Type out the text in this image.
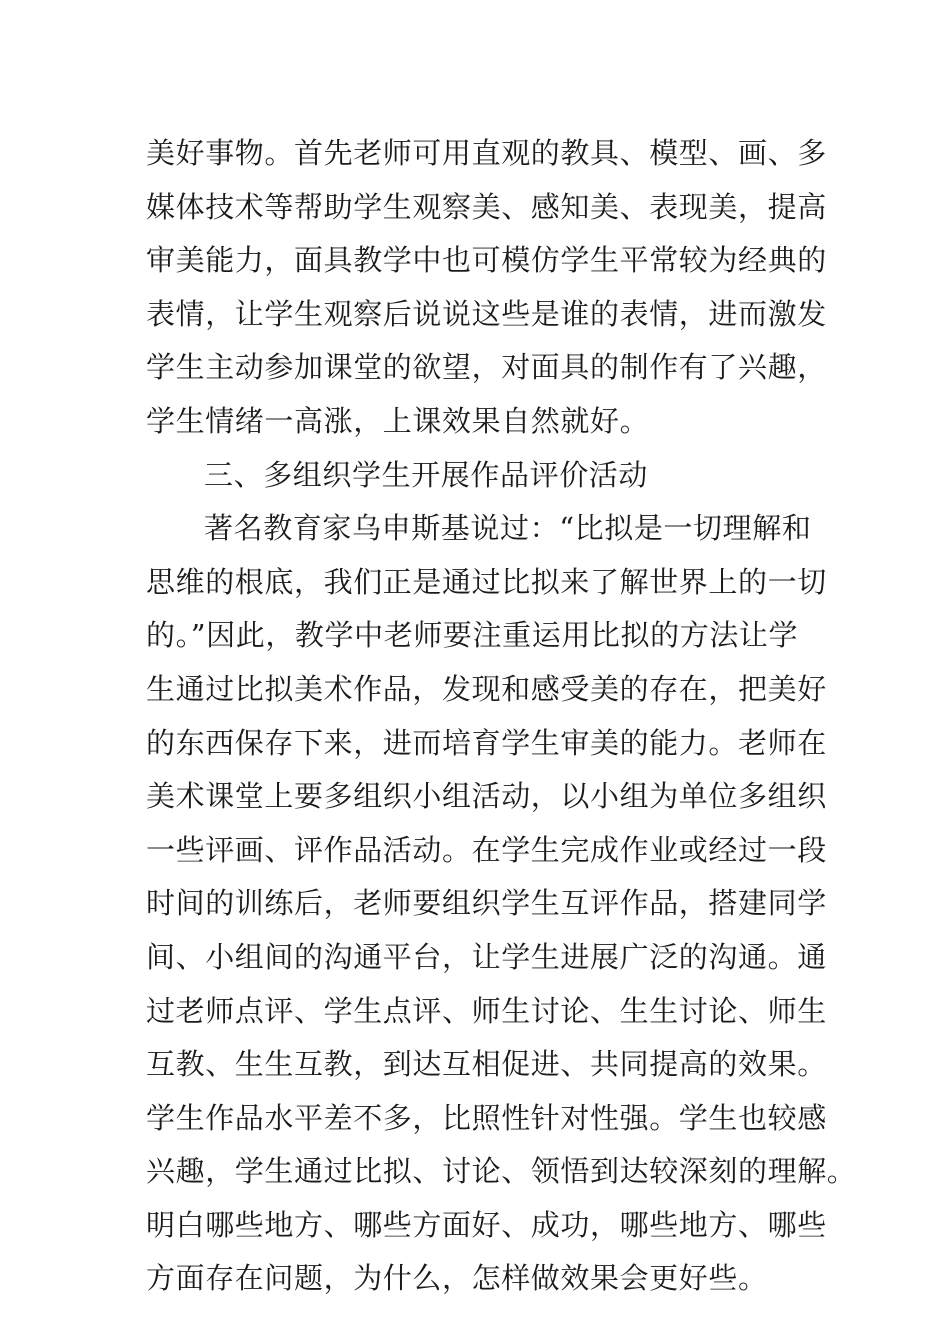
美好事物。首先老师可用直观的教具、模型、画、多
媒体技术等帮助学生观察美、感知美、表现美，提高
审美能力，面具教学中也可模仿学生平常较为经典的
表情，让学生观察后说说这些是谁的表情，进而激发
学生主动参加课堂的欲望，对面具的制作有了兴趣，
学生情绪一高涨，上课效果自然就好。
三、多组织学生开展作品评价活动
著名教育家乌申斯基说过：“比拟是一切理解和
思维的根底，我们正是通过比拟来了解世界上的一切
的。”因此，教学中老师要注重运用比拟的方法让学
生通过比拟美术作品，发现和感受美的存在，把美好
的东西保存下来，进而培育学生审美的能力。老师在
美术课堂上要多组织小组活动，以小组为单位多组织
一些评画、评作品活动。在学生完成作业或经过一段
时间的训练后，老师要组织学生互评作品，搭建同学
间、小组间的沟通平台，让学生进展广泛的沟通。通
过老师点评、学生点评、师生讨论、生生讨论、师生
互教、生生互教，到达互相促进、共同提高的效果。
学生作品水平差不多，比照性针对性强。学生也较感
兴趣，学生通过比拟、讨论、领悟到达较深刻的理解。
明白哪些地方、哪些方面好、成功，哪些地方、哪些
方面存在问题，为什么，怎样做效果会更好些。
